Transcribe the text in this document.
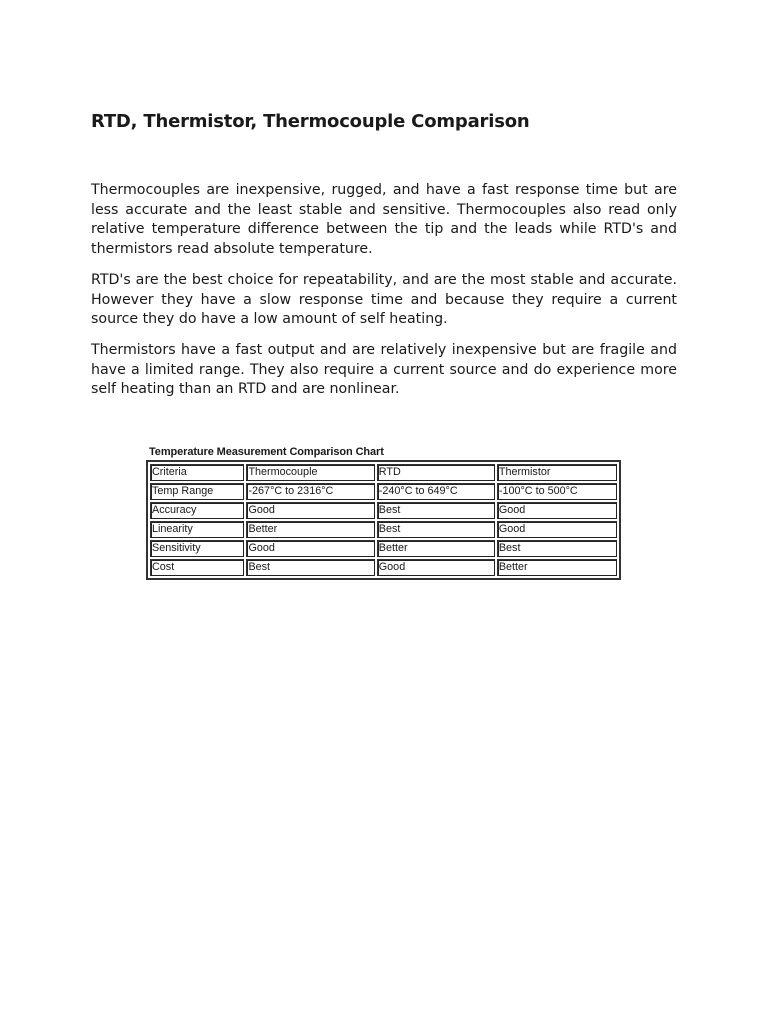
RTD, Thermistor, Thermocouple Comparison

Thermocouples are inexpensive, rugged, and have a fast response time but are less accurate and the least stable and sensitive. Thermocouples also read only relative temperature difference between the tip and the leads while RTD's and thermistors read absolute temperature.

RTD's are the best choice for repeatability, and are the most stable and accurate. However they have a slow response time and because they require a current source they do have a low amount of self heating.

Thermistors have a fast output and are relatively inexpensive but are fragile and have a limited range. They also require a current source and do experience more self heating than an RTD and are nonlinear.

Temperature Measurement Comparison Chart
Criteria	Thermocouple	RTD	Thermistor
Temp Range	-267°C to 2316°C	-240°C to 649°C	-100°C to 500°C
Accuracy	Good	Best	Good
Linearity	Better	Best	Good
Sensitivity	Good	Better	Best
Cost	Best	Good	Better
